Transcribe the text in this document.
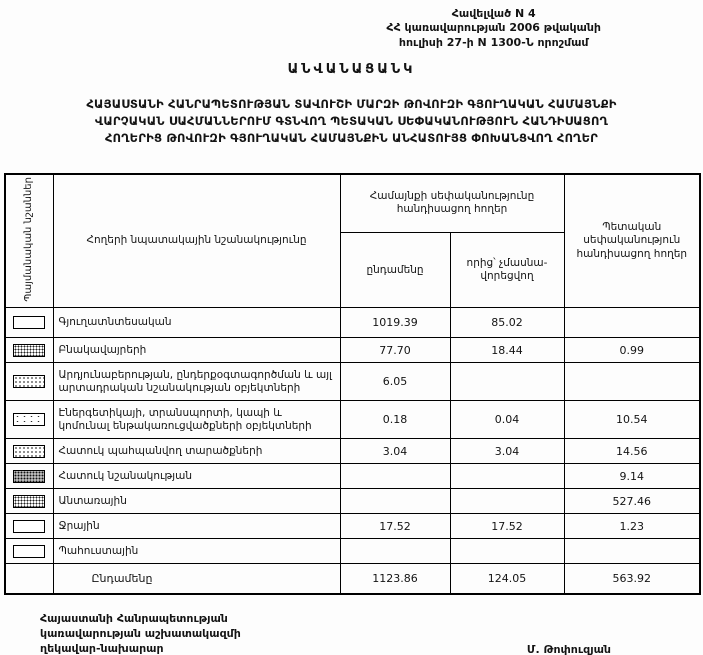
Հավելված N 4
ՀՀ կառավարության 2006 թվականի
հուլիսի 27-ի N 1300-Ն որոշմամ
ԱՆՎԱՆԱՑԱՆԿ
ՀԱՅԱՍՏԱՆԻ ՀԱՆՐԱՊԵՏՈՒԹՅԱՆ ՏԱՎՈՒՇԻ ՄԱՐԶԻ ԹՈՎՈՒԶԻ ԳՅՈՒՂԱԿԱՆ ՀԱՄԱՅՆՔԻ
ՎԱՐՉԱԿԱՆ ՍԱՀՄԱՆՆԵՐՈՒՄ ԳՏՆՎՈՂ ՊԵՏԱԿԱՆ ՍԵՓԱԿԱՆՈՒԹՅՈՒՆ ՀԱՆԴԻՍԱՑՈՂ
ՀՈՂԵՐԻՑ ԹՈՎՈՒԶԻ ԳՅՈՒՂԱԿԱՆ ՀԱՄԱՅՆՔԻՆ ԱՆՀԱՏՈՒՅՑ ՓՈԽԱՆՑՎՈՂ ՀՈՂԵՐ
Պայմանական նշաններ	Հողերի նպատակային նշանակությունը	Համայնքի սեփականությունը հանդիսացող հողեր		Պետական սեփականություն հանդիսացող հողեր
		ընդամենը	որից՝ չմասնավորեցվող	

	Գյուղատնտեսական	1019.39	85.02	

	Բնակավայրերի	77.70	18.44	0.99

	Արդյունաբերության, ընդերքօգտագործման և այլ արտադրական նշանակության օբյեկտների	6.05		

	Էներգետիկայի, տրանսպորտի, կապի և կոմունալ ենթակառուցվածքների օբյեկտների	0.18	0.04	10.54

	Հատուկ պահպանվող տարածքների	3.04	3.04	14.56

	Հատուկ նշանակության			9.14

	Անտառային			527.46

	Ջրային	17.52	17.52	1.23

	Պահուստային			
	Ընդամենը	1123.86	124.05	563.92
Հայաստանի Հանրապետության
կառավարության աշխատակազմի
ղեկավար-նախարար	Մ. Թոփուզյան
